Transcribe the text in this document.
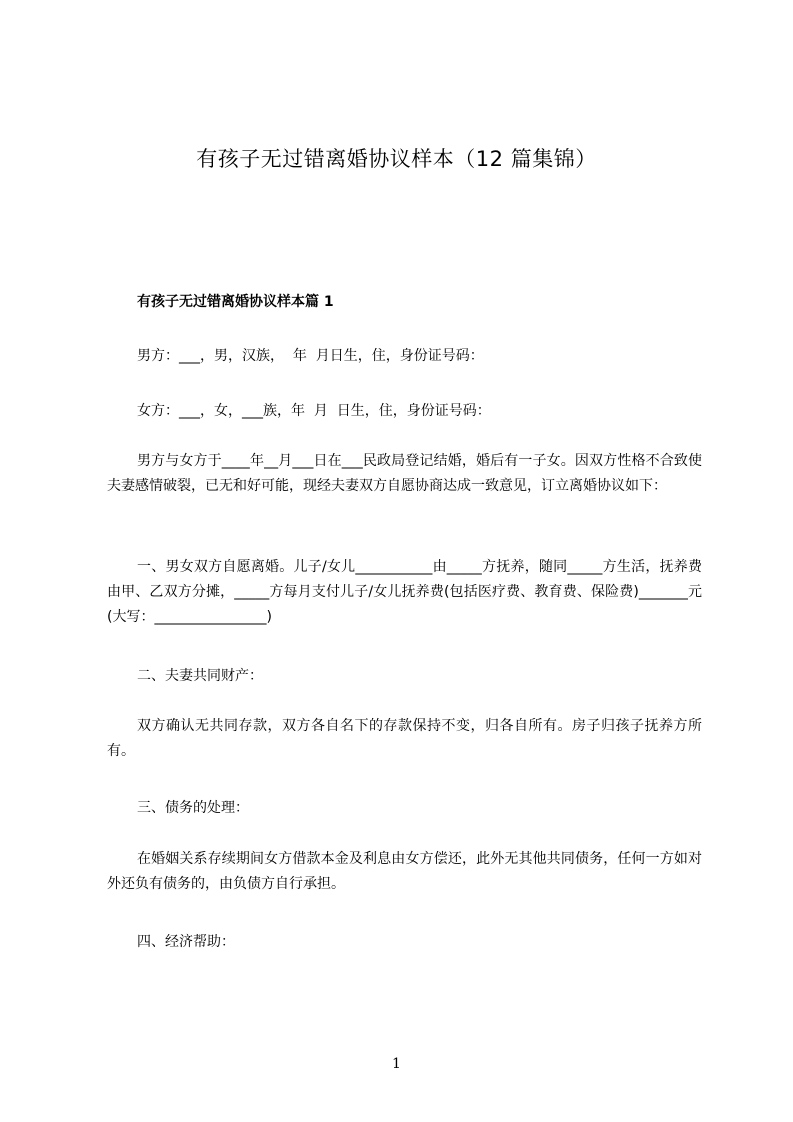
有孩子无过错离婚协议样本（12 篇集锦）
有孩子无过错离婚协议样本篇 1
男方：___，男，汉族，  年  月日生，住，身份证号码：
女方：___，女，___族，年  月  日生，住，身份证号码：
男方与女方于____年__月___日在___民政局登记结婚，婚后有一子女。因双方性格不合致使夫妻感情破裂，已无和好可能，现经夫妻双方自愿协商达成一致意见，订立离婚协议如下：
一、男女双方自愿离婚。儿子/女儿___________由_____方抚养，随同_____方生活，抚养费由甲、乙双方分摊，_____方每月支付儿子/女儿抚养费(包括医疗费、教育费、保险费)_______元(大写：________________)
二、夫妻共同财产：
双方确认无共同存款，双方各自名下的存款保持不变，归各自所有。房子归孩子抚养方所有。
三、债务的处理：
在婚姻关系存续期间女方借款本金及利息由女方偿还，此外无其他共同债务，任何一方如对外还负有债务的，由负债方自行承担。
四、经济帮助：
1
